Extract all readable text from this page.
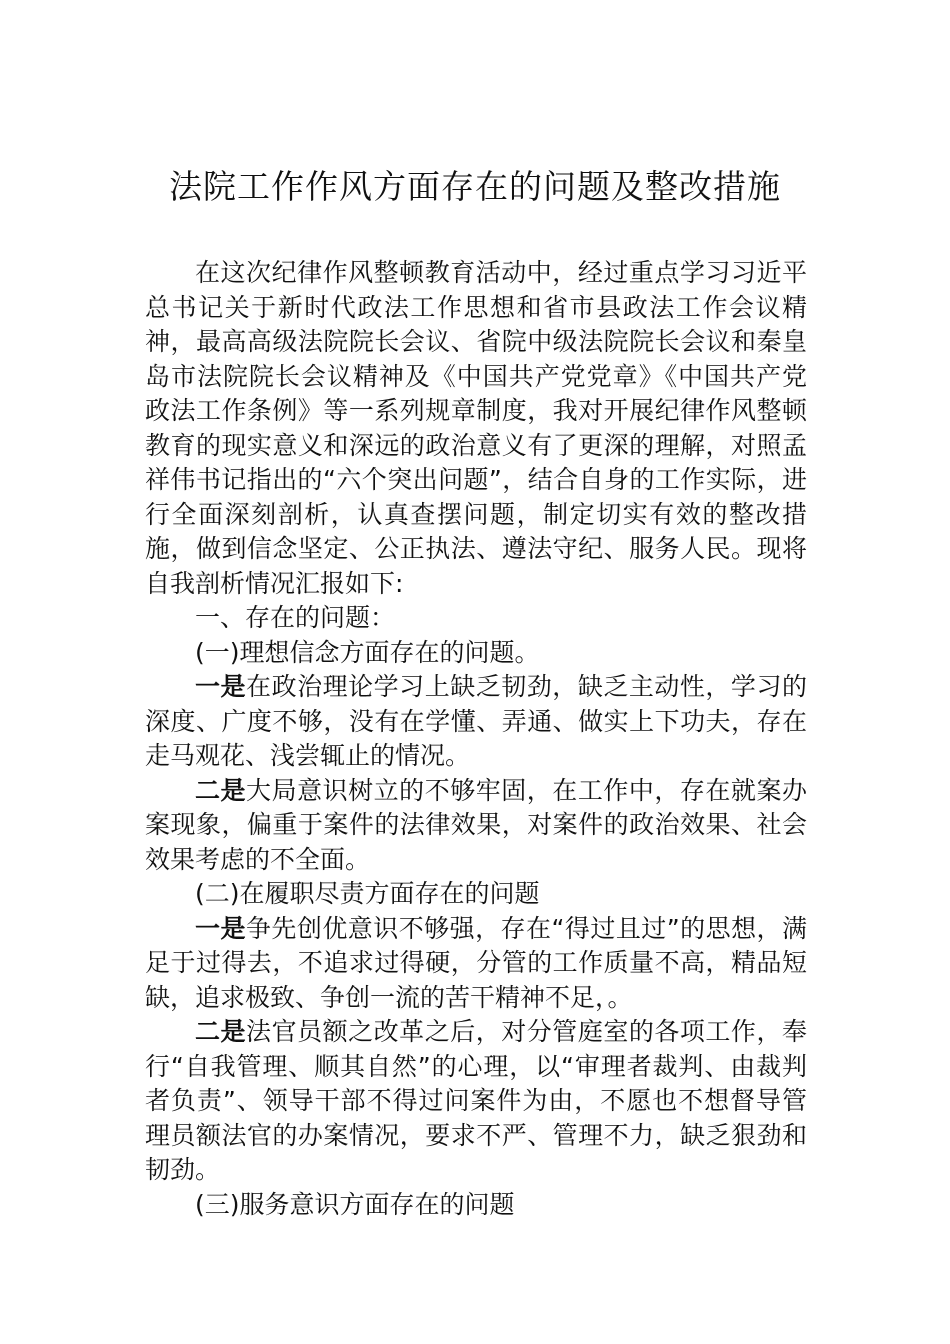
法院工作作风方面存在的问题及整改措施

在这次纪律作风整顿教育活动中，经过重点学习习近平总书记关于新时代政法工作思想和省市县政法工作会议精神，最高高级法院院长会议、省院中级法院院长会议和秦皇岛市法院院长会议精神及《中国共产党党章》《中国共产党政法工作条例》等一系列规章制度，我对开展纪律作风整顿教育的现实意义和深远的政治意义有了更深的理解，对照孟祥伟书记指出的“六个突出问题”，结合自身的工作实际，进行全面深刻剖析，认真查摆问题，制定切实有效的整改措施，做到信念坚定、公正执法、遵法守纪、服务人民。现将自我剖析情况汇报如下:

一、存在的问题：

(一)理想信念方面存在的问题。

一是在政治理论学习上缺乏韧劲，缺乏主动性，学习的深度、广度不够，没有在学懂、弄通、做实上下功夫，存在走马观花、浅尝辄止的情况。

二是大局意识树立的不够牢固，在工作中，存在就案办案现象，偏重于案件的法律效果，对案件的政治效果、社会效果考虑的不全面。

(二)在履职尽责方面存在的问题

一是争先创优意识不够强，存在“得过且过”的思想，满足于过得去，不追求过得硬，分管的工作质量不高，精品短缺，追求极致、争创一流的苦干精神不足，。

二是法官员额之改革之后，对分管庭室的各项工作，奉行“自我管理、顺其自然”的心理，以“审理者裁判、由裁判者负责”、领导干部不得过问案件为由，不愿也不想督导管理员额法官的办案情况，要求不严、管理不力，缺乏狠劲和韧劲。

(三)服务意识方面存在的问题
